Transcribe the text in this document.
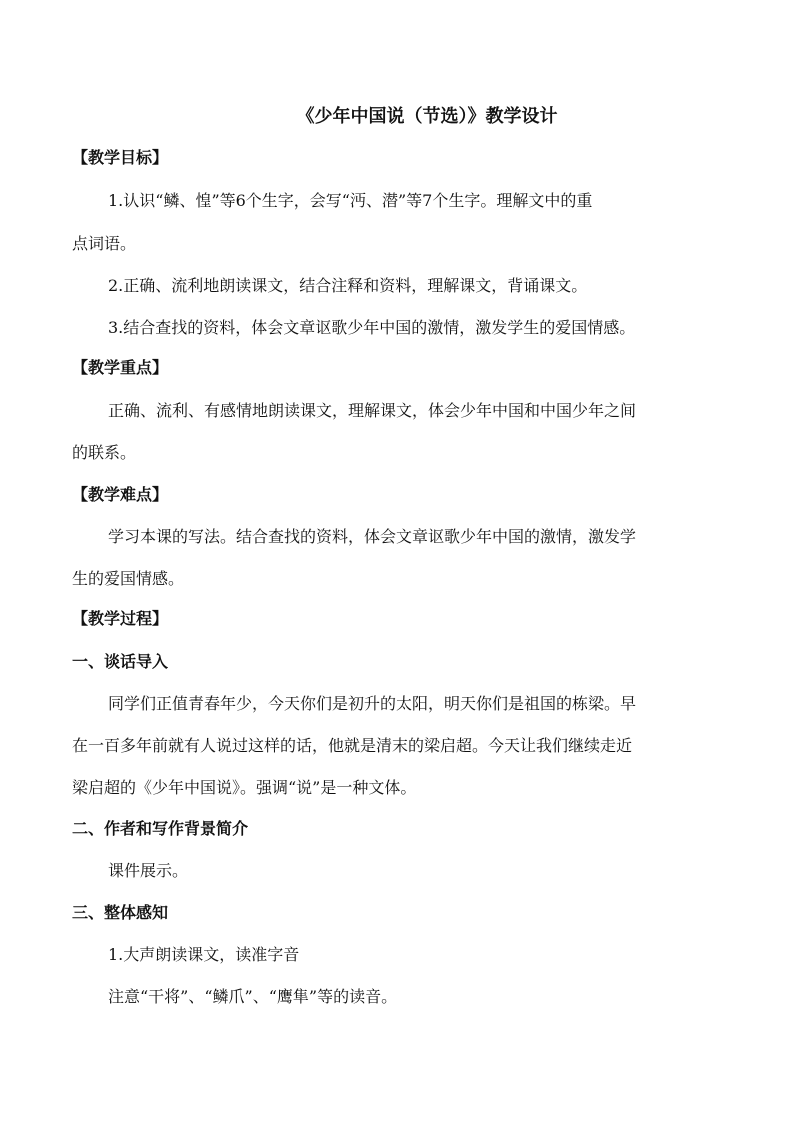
《少年中国说（节选）》教学设计
【教学目标】
1.认识“鳞、惶”等6个生字，会写“沔、潜”等7个生字。理解文中的重
点词语。
2.正确、流利地朗读课文，结合注释和资料，理解课文，背诵课文。
3.结合查找的资料，体会文章讴歌少年中国的激情，激发学生的爱国情感。
【教学重点】
正确、流利、有感情地朗读课文，理解课文，体会少年中国和中国少年之间
的联系。
【教学难点】
学习本课的写法。结合查找的资料，体会文章讴歌少年中国的激情，激发学
生的爱国情感。
【教学过程】
一、谈话导入
同学们正值青春年少，今天你们是初升的太阳，明天你们是祖国的栋梁。早
在一百多年前就有人说过这样的话，他就是清末的梁启超。今天让我们继续走近
梁启超的《少年中国说》。强调“说”是一种文体。
二、作者和写作背景简介
课件展示。
三、整体感知
1.大声朗读课文，读准字音
注意“干将”、“鳞爪”、“鹰隼”等的读音。
